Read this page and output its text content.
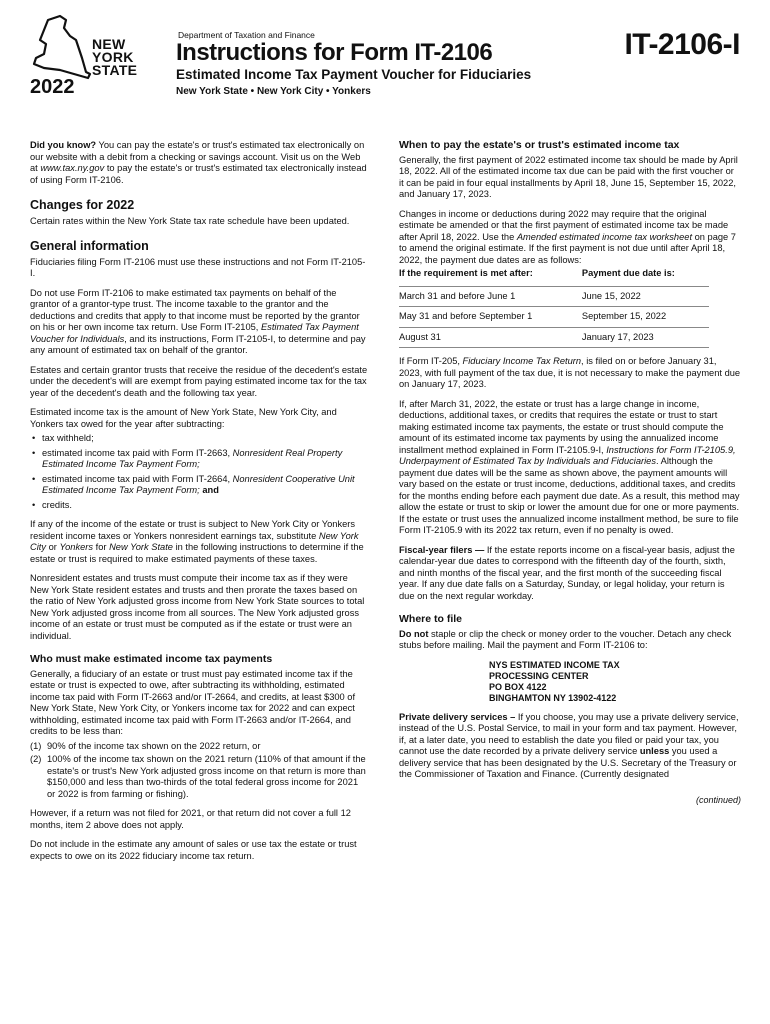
NEW
YORK
STATE
2022
Department of Taxation and Finance
Instructions for Form IT-2106	IT-2106-I
Estimated Income Tax Payment Voucher for Fiduciaries
New York State • New York City • Yonkers

Did you know? You can pay the estate's or trust's estimated tax electronically on our website with a debit from a checking or savings account. Visit us on the Web at www.tax.ny.gov to pay the estate's or trust's estimated tax electronically instead of using Form IT-2106.

Changes for 2022

Certain rates within the New York State tax rate schedule have been updated.

General information

Fiduciaries filing Form IT-2106 must use these instructions and not Form IT-2105-I.

Do not use Form IT-2106 to make estimated tax payments on behalf of the grantor of a grantor-type trust. The income taxable to the grantor and the deductions and credits that apply to that income must be reported by the grantor on his or her own income tax return. Use Form IT-2105, Estimated Tax Payment Voucher for Individuals, and its instructions, Form IT-2105-I, to determine and pay any amount of estimated tax on behalf of the grantor.

Estates and certain grantor trusts that receive the residue of the decedent's estate under the decedent's will are exempt from paying estimated income tax for the tax year of the decedent's death and the following tax year.

Estimated income tax is the amount of New York State, New York City, and Yonkers tax owed for the year after subtracting:

• tax withheld;
• estimated income tax paid with Form IT-2663, Nonresident Real Property Estimated Income Tax Payment Form;
• estimated income tax paid with Form IT-2664, Nonresident Cooperative Unit Estimated Income Tax Payment Form; and
• credits.

If any of the income of the estate or trust is subject to New York City or Yonkers resident income taxes or Yonkers nonresident earnings tax, substitute New York City or Yonkers for New York State in the following instructions to determine if the estate or trust is required to make estimated payments of these taxes.

Nonresident estates and trusts must compute their income tax as if they were New York State resident estates and trusts and then prorate the taxes based on the ratio of New York adjusted gross income from New York State sources to total New York adjusted gross income from all sources. The New York adjusted gross income of an estate or trust must be computed as if the estate or trust were an individual.

Who must make estimated income tax payments

Generally, a fiduciary of an estate or trust must pay estimated income tax if the estate or trust is expected to owe, after subtracting its withholding, estimated income tax paid with Form IT-2663 and/or IT-2664, and credits, at least $300 of New York State, New York City, or Yonkers income tax for 2022 and can expect withholding, estimated income tax paid with Form IT-2663 and/or IT-2664, and credits to be less than:

(1) 90% of the income tax shown on the 2022 return, or
(2) 100% of the income tax shown on the 2021 return (110% of that amount if the estate's or trust's New York adjusted gross income on that return is more than $150,000 and less than two-thirds of the total federal gross income for 2021 or 2022 is from farming or fishing).

However, if a return was not filed for 2021, or that return did not cover a full 12 months, item 2 above does not apply.

Do not include in the estimate any amount of sales or use tax the estate or trust expects to owe on its 2022 fiduciary income tax return.

When to pay the estate's or trust's estimated income tax

Generally, the first payment of 2022 estimated income tax should be made by April 18, 2022. All of the estimated income tax due can be paid with the first voucher or it can be paid in four equal installments by April 18, June 15, September 15, 2022, and January 17, 2023.

Changes in income or deductions during 2022 may require that the original estimate be amended or that the first payment of estimated income tax be made after April 18, 2022. Use the Amended estimated income tax worksheet on page 7 to amend the original estimate. If the first payment is not due until after April 18, 2022, the payment due dates are as follows:

If the requirement is met after:	Payment due date is:
March 31 and before June 1	June 15, 2022
May 31 and before September 1	September 15, 2022
August 31	January 17, 2023

If Form IT-205, Fiduciary Income Tax Return, is filed on or before January 31, 2023, with full payment of the tax due, it is not necessary to make the payment due on January 17, 2023.

If, after March 31, 2022, the estate or trust has a large change in income, deductions, additional taxes, or credits that requires the estate or trust to start making estimated income tax payments, the estate or trust should compute the amount of its estimated income tax payments by using the annualized income installment method explained in Form IT-2105.9-I, Instructions for Form IT-2105.9, Underpayment of Estimated Tax by Individuals and Fiduciaries. Although the payment due dates will be the same as shown above, the payment amounts will vary based on the estate or trust income, deductions, additional taxes, and credits for the months ending before each payment due date. As a result, this method may allow the estate or trust to skip or lower the amount due for one or more payments. If the estate or trust uses the annualized income installment method, be sure to file Form IT-2105.9 with its 2022 tax return, even if no penalty is owed.

Fiscal-year filers — If the estate reports income on a fiscal-year basis, adjust the calendar-year due dates to correspond with the fifteenth day of the fourth, sixth, and ninth months of the fiscal year, and the first month of the succeeding fiscal year. If any due date falls on a Saturday, Sunday, or legal holiday, your return is due on the next regular workday.

Where to file

Do not staple or clip the check or money order to the voucher. Detach any check stubs before mailing. Mail the payment and Form IT-2106 to:

NYS ESTIMATED INCOME TAX
PROCESSING CENTER
PO BOX 4122
BINGHAMTON NY 13902-4122

Private delivery services – If you choose, you may use a private delivery service, instead of the U.S. Postal Service, to mail in your form and tax payment. However, if, at a later date, you need to establish the date you filed or paid your tax, you cannot use the date recorded by a private delivery service unless you used a delivery service that has been designated by the U.S. Secretary of the Treasury or the Commissioner of Taxation and Finance. (Currently designated

(continued)
